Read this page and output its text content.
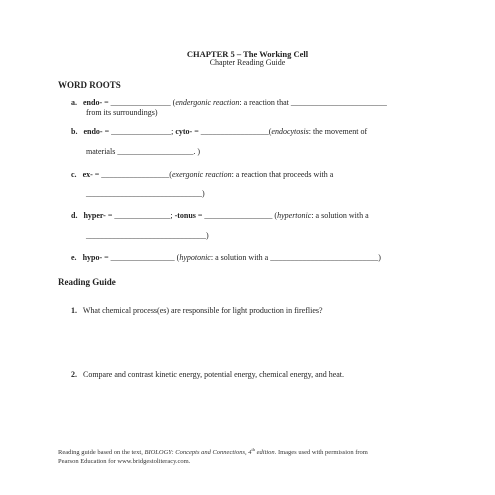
CHAPTER 5 – The Working Cell
Chapter Reading Guide
WORD ROOTS
a. endo- = _______________ (endergonic reaction: a reaction that ________________________
from its surroundings)
b. endo- = _______________; cyto- = _________________(endocytosis: the movement of
materials ___________________. )
c. ex- = _________________(exergonic reaction: a reaction that proceeds with a
_____________________________)
d. hyper- = ______________; -tonus = _________________ (hypertonic: a solution with a
______________________________)
e. hypo- = ________________ (hypotonic: a solution with a ___________________________)
Reading Guide
1. What chemical process(es) are responsible for light production in fireflies?
2. Compare and contrast kinetic energy, potential energy, chemical energy, and heat.
Reading guide based on the text, BIOLOGY: Concepts and Connections, 4th edition. Images used with permission from
Pearson Education for www.bridgestoliteracy.com.
